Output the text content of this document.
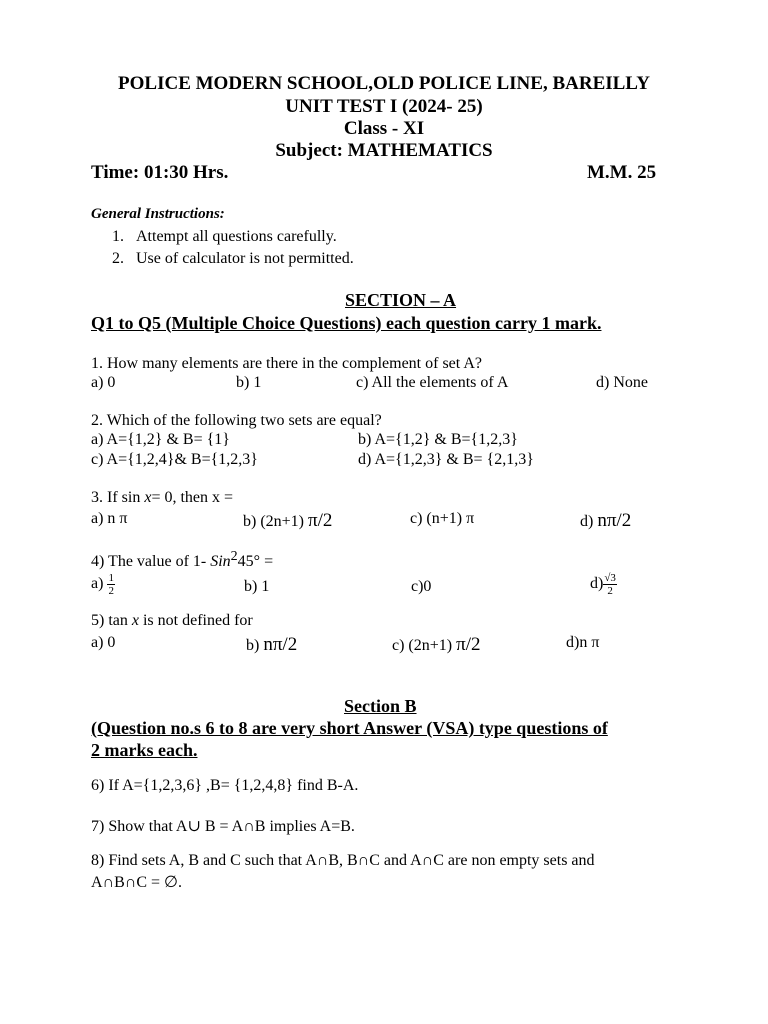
POLICE MODERN SCHOOL,OLD POLICE LINE, BAREILLY
UNIT TEST I (2024- 25)
Class - XI
Subject: MATHEMATICS
Time: 01:30 Hrs.	M.M. 25
General Instructions:
1. Attempt all questions carefully.
2. Use of calculator is not permitted.
SECTION – A
Q1 to Q5 (Multiple Choice Questions) each question carry 1 mark.
1. How many elements are there in the complement of set A?
a) 0	b) 1	c) All the elements of A	d) None
2. Which of the following two sets are equal?
a) A={1,2} & B= {1}	b) A={1,2} & B={1,2,3}
c) A={1,2,4}& B={1,2,3}	d) A={1,2,3} & B= {2,1,3}
3. If sin x= 0, then x =
a) n π	b) (2n+1) π/2	c) (n+1) π	d) nπ/2
4) The value of 1- Sin245° =
$a) \frac{1}{2}$	b) 1	c)0	$d) \frac{√3}{2}$
5) tan x is not defined for
a) 0	b) nπ/2	c) (2n+1) π/2	d)n π
Section B
(Question no.s 6 to 8 are very short Answer (VSA) type questions of
2 marks each.
6) If A={1,2,3,6} ,B= {1,2,4,8} find B-A.
7) Show that A∪ B = A∩B implies A=B.
8) Find sets A, B and C such that A∩B, B∩C and A∩C are non empty sets and
A∩B∩C = ∅.
